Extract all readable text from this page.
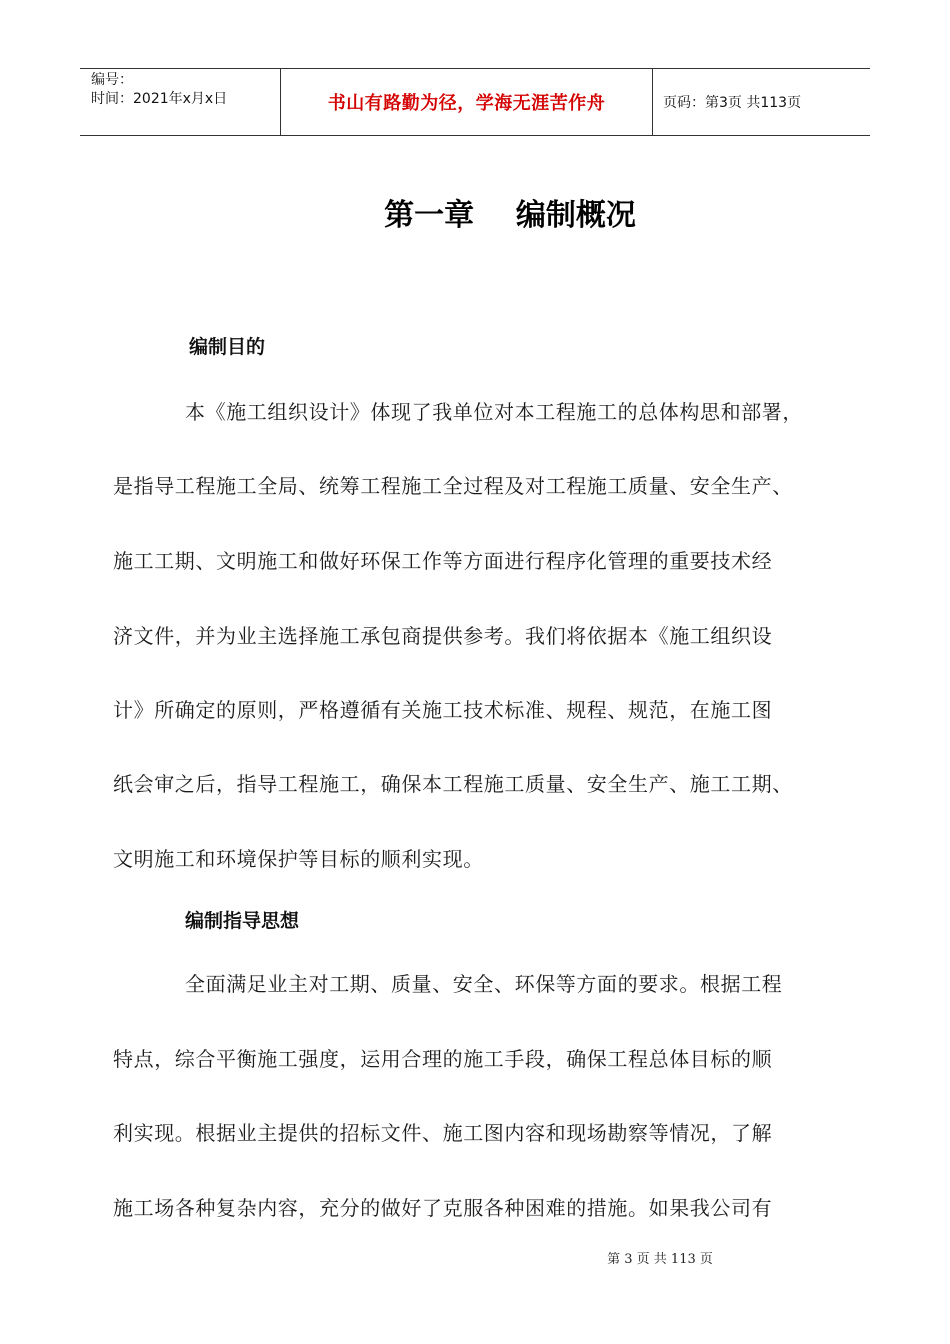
编号：
时间：2021年x月x日	书山有路勤为径，学海无涯苦作舟	页码：第3页 共113页
第一章    编制概况
编制目的
本《施工组织设计》体现了我单位对本工程施工的总体构思和部署，
是指导工程施工全局、统筹工程施工全过程及对工程施工质量、安全生产、
施工工期、文明施工和做好环保工作等方面进行程序化管理的重要技术经
济文件，并为业主选择施工承包商提供参考。我们将依据本《施工组织设
计》所确定的原则，严格遵循有关施工技术标准、规程、规范，在施工图
纸会审之后，指导工程施工，确保本工程施工质量、安全生产、施工工期、
文明施工和环境保护等目标的顺利实现。
编制指导思想
全面满足业主对工期、质量、安全、环保等方面的要求。根据工程
特点，综合平衡施工强度，运用合理的施工手段，确保工程总体目标的顺
利实现。根据业主提供的招标文件、施工图内容和现场勘察等情况，了解
施工场各种复杂内容，充分的做好了克服各种困难的措施。如果我公司有
第 3 页 共 113 页
